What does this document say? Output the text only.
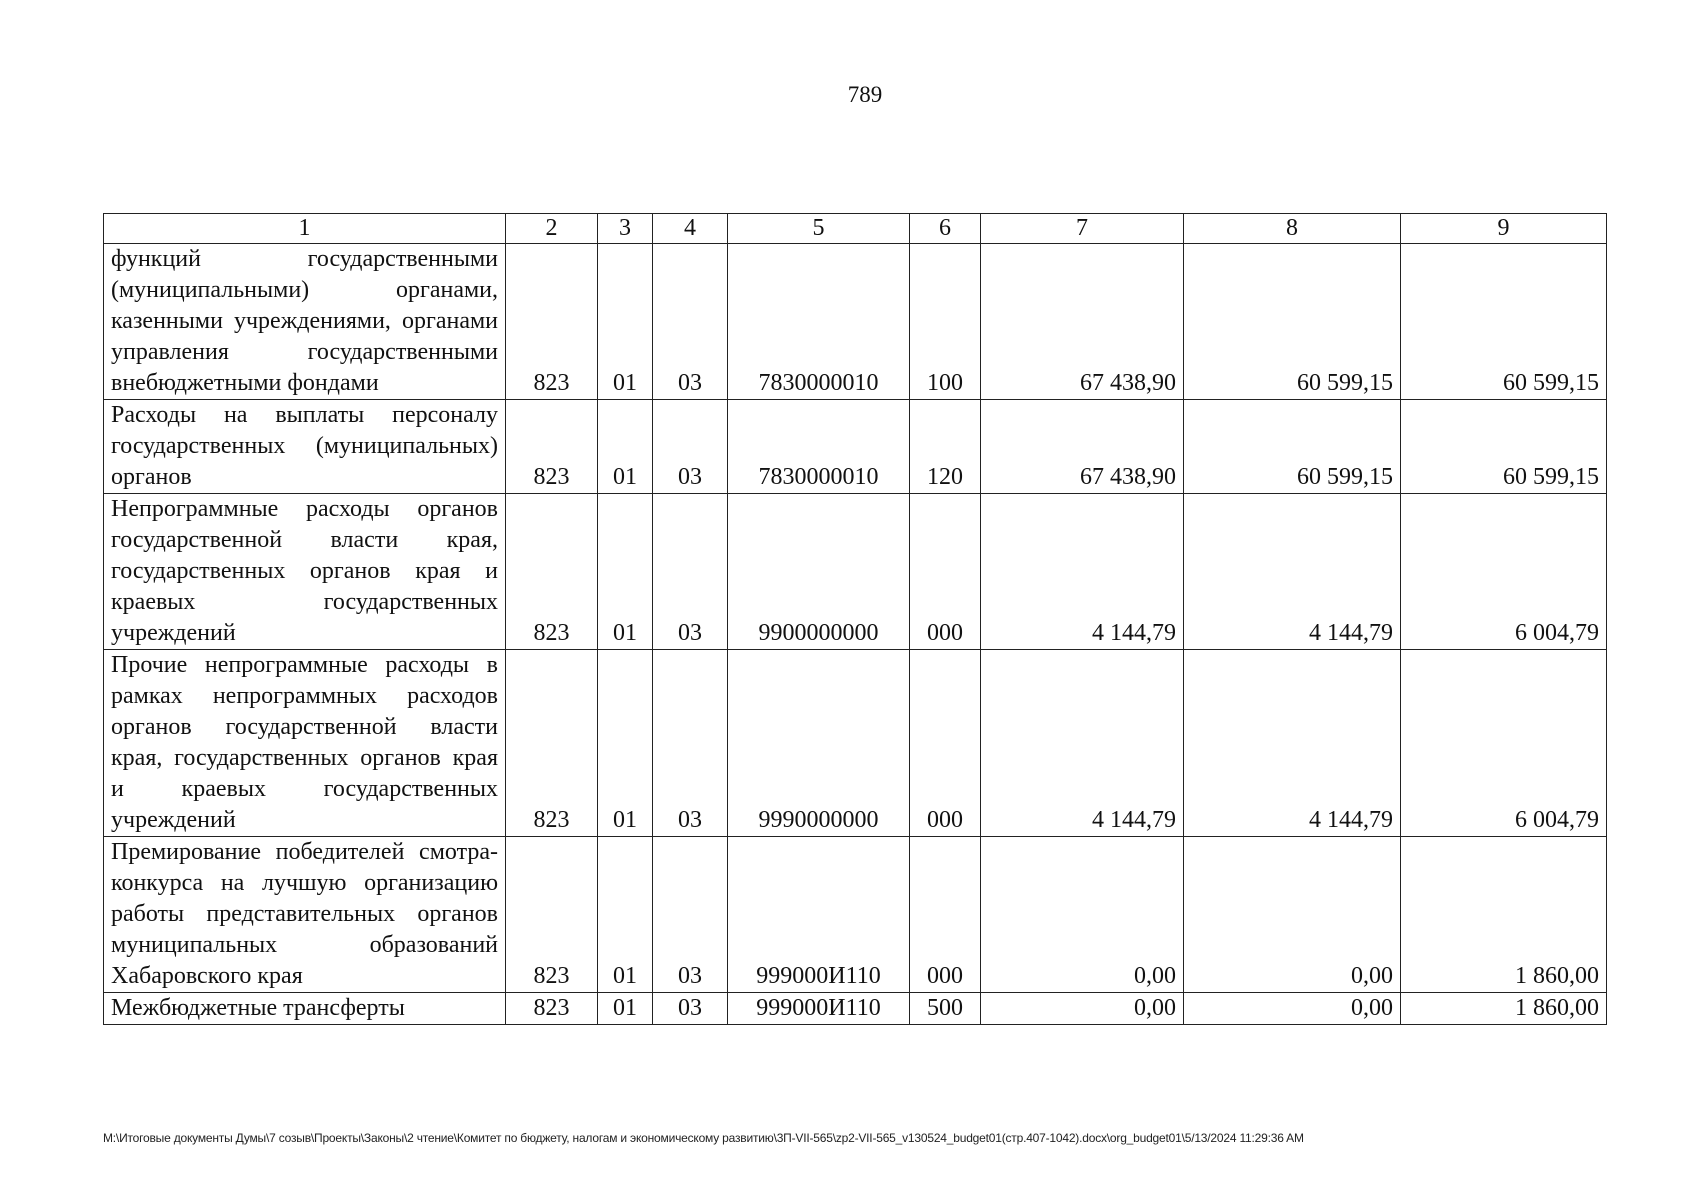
789
1	2	3	4	5	6	7	8	9
функций государственными (муниципальными) органами, казенными учреждениями, органами управления государственными внебюджетными фондами	823	01	03	7830000010	100	67 438,90	60 599,15	60 599,15
Расходы на выплаты персоналу государственных (муниципальных) органов	823	01	03	7830000010	120	67 438,90	60 599,15	60 599,15
Непрограммные расходы органов государственной власти края, государственных органов края и краевых государственных учреждений	823	01	03	9900000000	000	4 144,79	4 144,79	6 004,79
Прочие непрограммные расходы в рамках непрограммных расходов органов государственной власти края, государственных органов края и краевых государственных учреждений	823	01	03	9990000000	000	4 144,79	4 144,79	6 004,79
Премирование победителей смотра-конкурса на лучшую организацию работы представительных органов муниципальных образований Хабаровского края	823	01	03	999000И110	000	0,00	0,00	1 860,00
Межбюджетные трансферты	823	01	03	999000И110	500	0,00	0,00	1 860,00
М:\Итоговые документы Думы\7 созыв\Проекты\Законы\2 чтение\Комитет по бюджету, налогам и экономическому развитию\3П-VII-565\zp2-VII-565_v130524_budget01(стр.407-1042).docx\org_budget01\5/13/2024 11:29:36 AM
